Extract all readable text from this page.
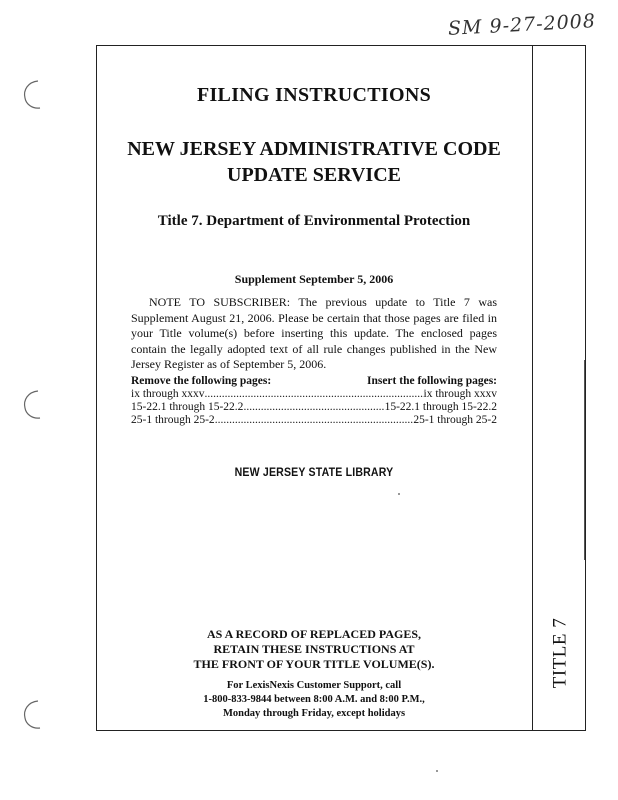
SM 9-27-2008
TITLE 7
FILING INSTRUCTIONS
NEW JERSEY ADMINISTRATIVE CODE
UPDATE SERVICE
Title 7. Department of Environmental Protection
Supplement September 5, 2006
NOTE TO SUBSCRIBER: The previous update to Title 7 was Supplement August 21, 2006. Please be certain that those pages are filed in your Title volume(s) before inserting this update. The enclosed pages contain the legally adopted text of all rule changes published in the New Jersey Register as of September 5, 2006.
Remove the following pages:	Insert the following pages:
ix through xxxv .....	ix through xxxv
15-22.1 through 15-22.2 .....	15-22.1 through 15-22.2
25-1 through 25-2 .....	25-1 through 25-2
NEW JERSEY STATE LIBRARY
AS A RECORD OF REPLACED PAGES,
RETAIN THESE INSTRUCTIONS AT
THE FRONT OF YOUR TITLE VOLUME(S).
For LexisNexis Customer Support, call
1-800-833-9844 between 8:00 A.M. and 8:00 P.M.,
Monday through Friday, except holidays
